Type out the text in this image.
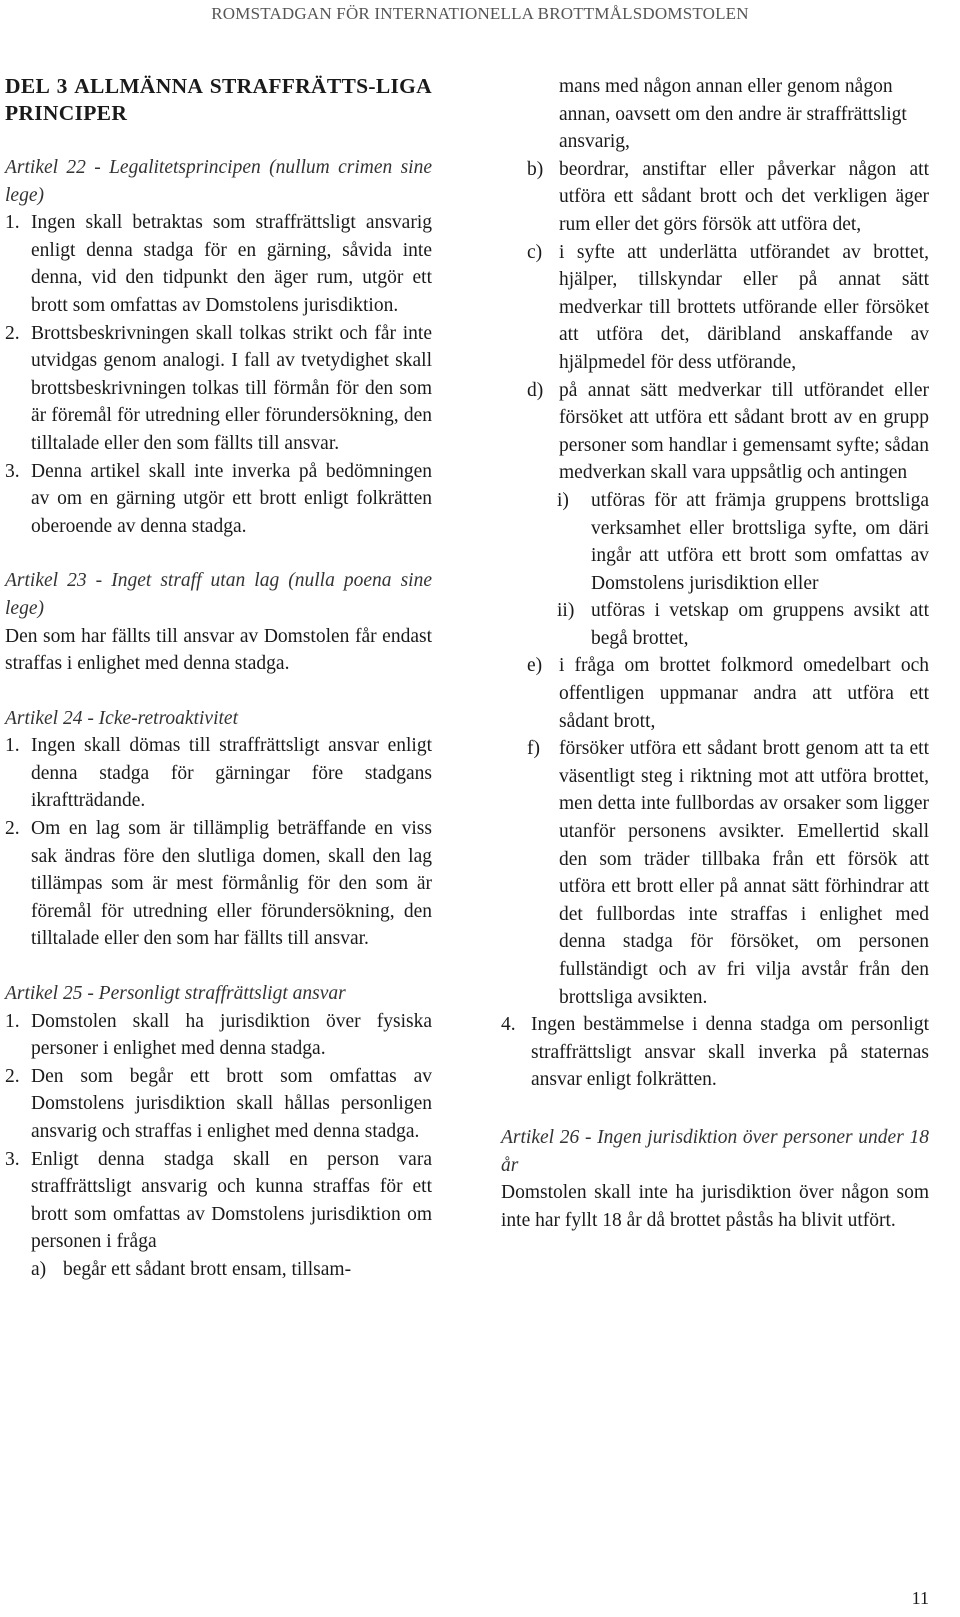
ROMSTADGAN FÖR INTERNATIONELLA BROTTMÅLSDOMSTOLEN

DEL 3 ALLMÄNNA STRAFFRÄTTS-LIGA PRINCIPER

Artikel 22 - Legalitetsprincipen (nullum crimen sine lege)

1. Ingen skall betraktas som straffrättsligt ansvarig enligt denna stadga för en gärning, såvida inte denna, vid den tidpunkt den äger rum, utgör ett brott som omfattas av Domstolens jurisdiktion.

2. Brottsbeskrivningen skall tolkas strikt och får inte utvidgas genom analogi. I fall av tvetydighet skall brottsbeskrivningen tolkas till förmån för den som är föremål för utredning eller förundersökning, den tilltalade eller den som fällts till ansvar.

3. Denna artikel skall inte inverka på bedömningen av om en gärning utgör ett brott enligt folkrätten oberoende av denna stadga.

Artikel 23 - Inget straff utan lag (nulla poena sine lege)

Den som har fällts till ansvar av Domstolen får endast straffas i enlighet med denna stadga.

Artikel 24 - Icke-retroaktivitet

1. Ingen skall dömas till straffrättsligt ansvar enligt denna stadga för gärningar före stadgans ikraftträdande.

2. Om en lag som är tillämplig beträffande en viss sak ändras före den slutliga domen, skall den lag tillämpas som är mest förmånlig för den som är föremål för utredning eller förundersökning, den tilltalade eller den som har fällts till ansvar.

Artikel 25 - Personligt straffrättsligt ansvar

1. Domstolen skall ha jurisdiktion över fysiska personer i enlighet med denna stadga.

2. Den som begår ett brott som omfattas av Domstolens jurisdiktion skall hållas personligen ansvarig och straffas i enlighet med denna stadga.

3. Enligt denna stadga skall en person vara straffrättsligt ansvarig och kunna straffas för ett brott som omfattas av Domstolens jurisdiktion om personen i fråga

a) begår ett sådant brott ensam, tillsam-

mans med någon annan eller genom någon annan, oavsett om den andre är straffrättsligt ansvarig,

b) beordrar, anstiftar eller påverkar någon att utföra ett sådant brott och det verkligen äger rum eller det görs försök att utföra det,

c) i syfte att underlätta utförandet av brottet, hjälper, tillskyndar eller på annat sätt medverkar till brottets utförande eller försöket att utföra det, däribland anskaffande av hjälpmedel för dess utförande,

d) på annat sätt medverkar till utförandet eller försöket att utföra ett sådant brott av en grupp personer som handlar i gemensamt syfte; sådan medverkan skall vara uppsåtlig och antingen

i) utföras för att främja gruppens brottsliga verksamhet eller brottsliga syfte, om däri ingår att utföra ett brott som omfattas av Domstolens jurisdiktion eller

ii) utföras i vetskap om gruppens avsikt att begå brottet,

e) i fråga om brottet folkmord omedelbart och offentligen uppmanar andra att utföra ett sådant brott,

f) försöker utföra ett sådant brott genom att ta ett väsentligt steg i riktning mot att utföra brottet, men detta inte fullbordas av orsaker som ligger utanför personens avsikter. Emellertid skall den som träder tillbaka från ett försök att utföra ett brott eller på annat sätt förhindrar att det fullbordas inte straffas i enlighet med denna stadga för försöket, om personen fullständigt och av fri vilja avstår från den brottsliga avsikten.

4. Ingen bestämmelse i denna stadga om personligt straffrättsligt ansvar skall inverka på staternas ansvar enligt folkrätten.

Artikel 26 - Ingen jurisdiktion över personer under 18 år

Domstolen skall inte ha jurisdiktion över någon som inte har fyllt 18 år då brottet påstås ha blivit utfört.

11
